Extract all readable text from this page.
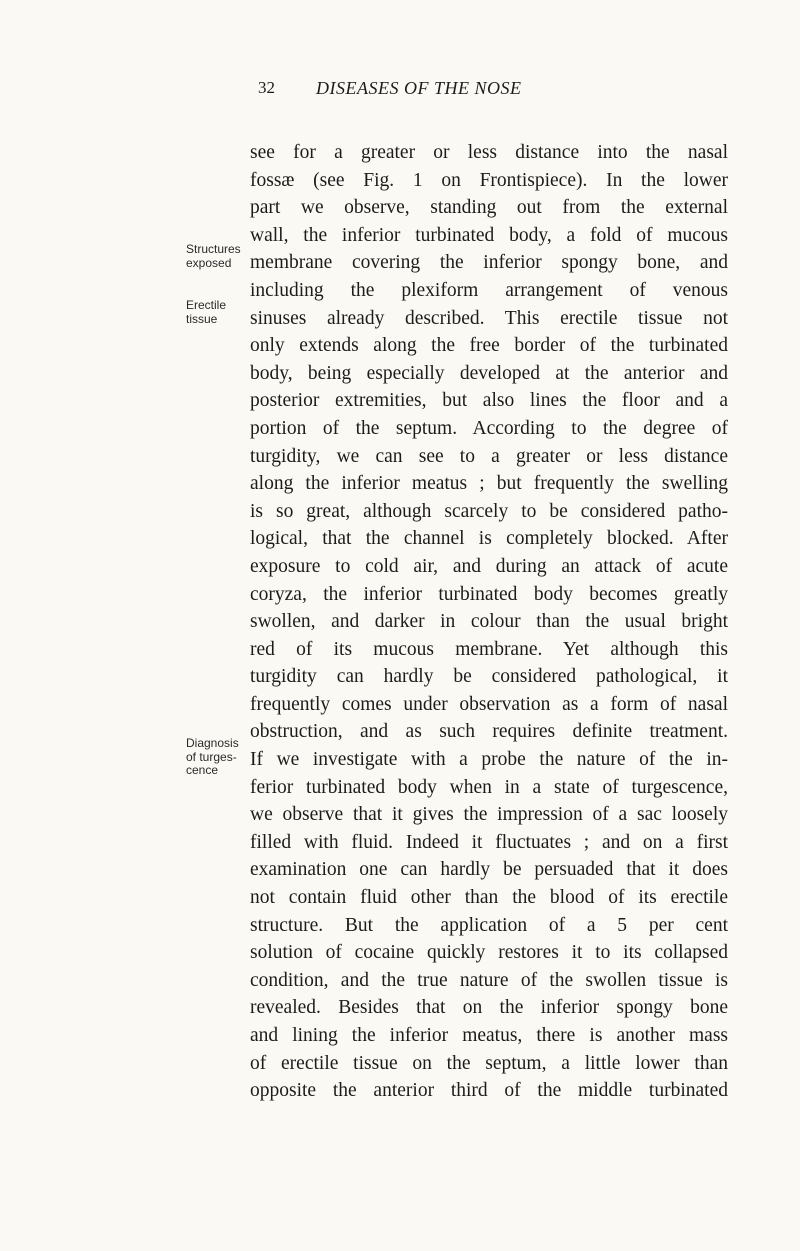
32 DISEASES OF THE NOSE
Structures
exposed
Erectile
tissue
Diagnosis
of turges-
cence
see for a greater or less distance into the nasal
fossæ (see Fig. 1 on Frontispiece). In the lower
part we observe, standing out from the external
wall, the inferior turbinated body, a fold of mucous
membrane covering the inferior spongy bone, and
including the plexiform arrangement of venous
sinuses already described. This erectile tissue not
only extends along the free border of the turbinated
body, being especially developed at the anterior and
posterior extremities, but also lines the floor and a
portion of the septum. According to the degree of
turgidity, we can see to a greater or less distance
along the inferior meatus ; but frequently the swelling
is so great, although scarcely to be considered patho-
logical, that the channel is completely blocked. After
exposure to cold air, and during an attack of acute
coryza, the inferior turbinated body becomes greatly
swollen, and darker in colour than the usual bright
red of its mucous membrane. Yet although this
turgidity can hardly be considered pathological, it
frequently comes under observation as a form of nasal
obstruction, and as such requires definite treatment.
If we investigate with a probe the nature of the in-
ferior turbinated body when in a state of turgescence,
we observe that it gives the impression of a sac loosely
filled with fluid. Indeed it fluctuates ; and on a first
examination one can hardly be persuaded that it does
not contain fluid other than the blood of its erectile
structure. But the application of a 5 per cent
solution of cocaine quickly restores it to its collapsed
condition, and the true nature of the swollen tissue is
revealed. Besides that on the inferior spongy bone
and lining the inferior meatus, there is another mass
of erectile tissue on the septum, a little lower than
opposite the anterior third of the middle turbinated
